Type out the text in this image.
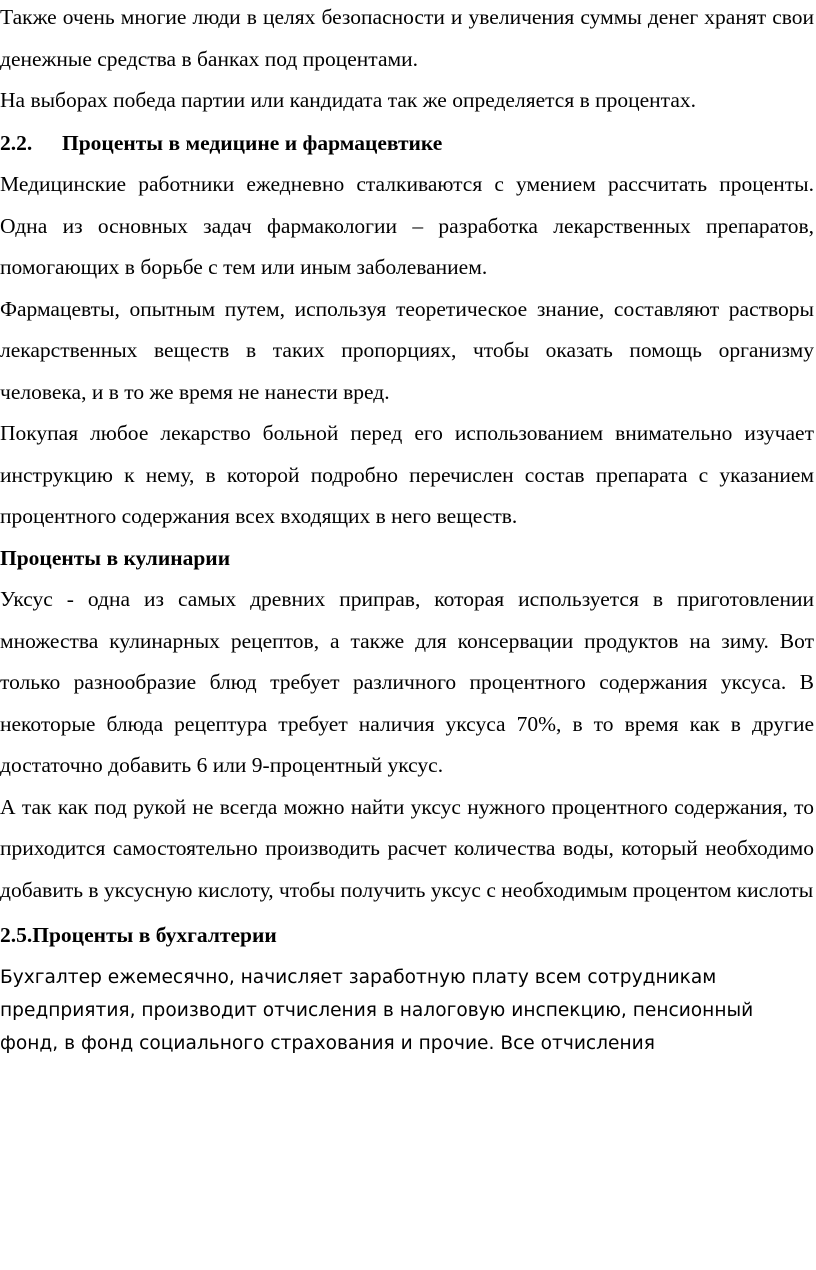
Также очень многие люди в целях безопасности и увеличения суммы денег хранят свои денежные средства в банках под процентами.

На выборах победа партии или кандидата так же определяется в процентах.

2.2. Проценты в медицине и фармацевтике

Медицинские работники ежедневно сталкиваются с умением рассчитать проценты. Одна из основных задач фармакологии – разработка лекарственных препаратов, помогающих в борьбе с тем или иным заболеванием.

Фармацевты, опытным путем, используя теоретическое знание, составляют растворы лекарственных веществ в таких пропорциях, чтобы оказать помощь организму человека, и в то же время не нанести вред.

Покупая любое лекарство больной перед его использованием внимательно изучает инструкцию к нему, в которой подробно перечислен состав препарата с указанием процентного содержания всех входящих в него веществ.

Проценты в кулинарии

Уксус - одна из самых древних приправ, которая используется в приготовлении множества кулинарных рецептов, а также для консервации продуктов на зиму. Вот только разнообразие блюд требует различного процентного содержания уксуса. В некоторые блюда рецептура требует наличия уксуса 70%, в то время как в другие достаточно добавить 6 или 9-процентный уксус.

А так как под рукой не всегда можно найти уксус нужного процентного содержания, то приходится самостоятельно производить расчет количества воды, который необходимо добавить в уксусную кислоту, чтобы получить уксус с необходимым процентом кислоты

2.5.Проценты в бухгалтерии

Бухгалтер ежемесячно, начисляет заработную плату всем сотрудникам предприятия, производит отчисления в налоговую инспекцию, пенсионный фонд, в фонд социального страхования и прочие. Все отчисления
